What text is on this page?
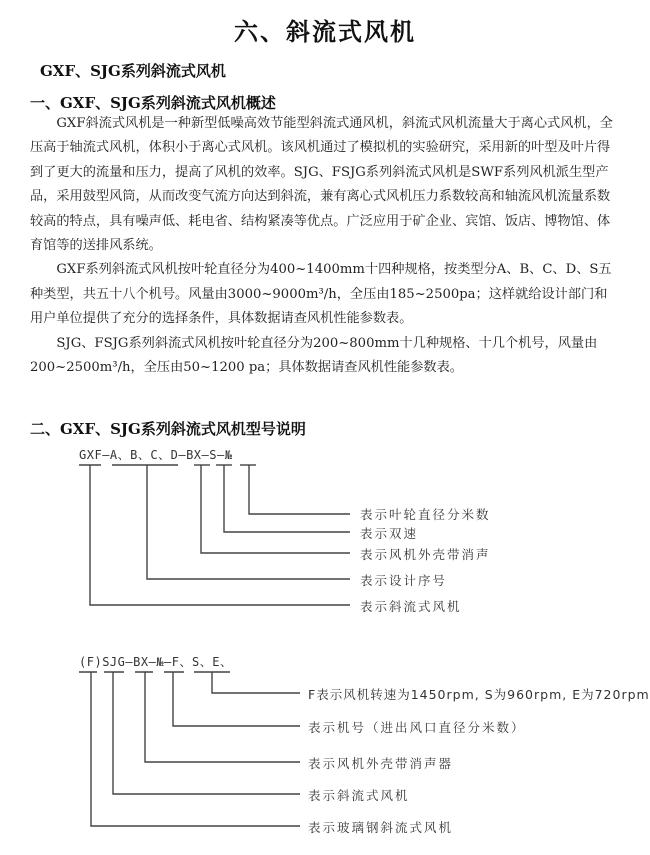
六、斜流式风机
GXF、SJG系列斜流式风机
一、GXF、SJG系列斜流式风机概述

GXF斜流式风机是一种新型低噪高效节能型斜流式通风机，斜流式风机流量大于离心式风机，全压高于轴流式风机，体积小于离心式风机。该风机通过了模拟机的实验研究，采用新的叶型及叶片得到了更大的流量和压力，提高了风机的效率。SJG、FSJG系列斜流式风机是SWF系列风机派生型产品，采用鼓型风筒，从而改变气流方向达到斜流，兼有离心式风机压力系数较高和轴流风机流量系数较高的特点，具有噪声低、耗电省、结构紧凑等优点。广泛应用于矿企业、宾馆、饭店、博物馆、体育馆等的送排风系统。

GXF系列斜流式风机按叶轮直径分为400~1400mm十四种规格，按类型分A、B、C、D、S五种类型，共五十八个机号。风量由3000~9000m³/h，全压由185~2500pa；这样就给设计部门和用户单位提供了充分的选择条件，具体数据请查风机性能参数表。

SJG、FSJG系列斜流式风机按叶轮直径分为200~800mm十几种规格、十几个机号，风量由200~2500m³/h，全压由50~1200 pa；具体数据请查风机性能参数表。

二、GXF、SJG系列斜流式风机型号说明
GXF—A、B、C、D—BX—S—№
表示叶轮直径分米数
表示双速
表示风机外壳带消声
表示设计序号
表示斜流式风机
(F)SJG—BX—№—F、S、E、
F表示风机转速为1450rpm, S为960rpm, E为720rpm
表示机号（进出风口直径分米数）
表示风机外壳带消声器
表示斜流式风机
表示玻璃钢斜流式风机
